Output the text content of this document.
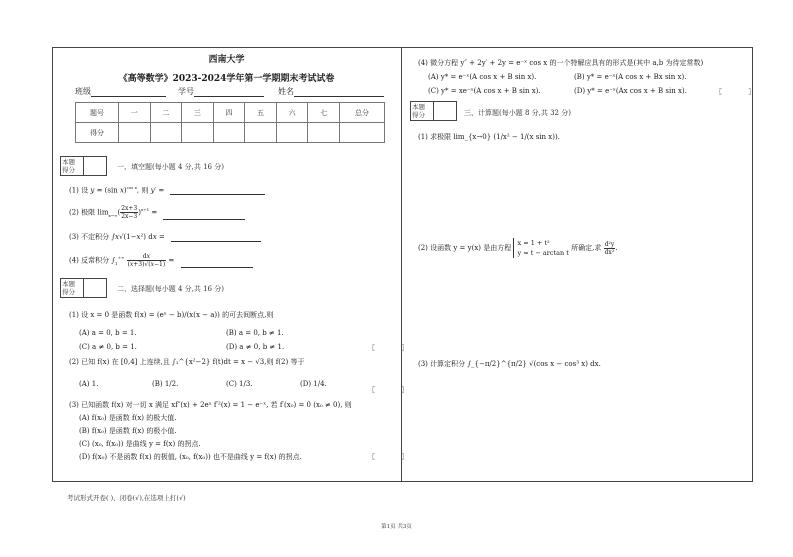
西南大学
《高等数学》2023-2024学年第一学期期末考试试卷
班级	学号	姓名
题号	一	二	三	四	五	六	七	总分
得分								
本题
得分	一、填空题(每小题 4 分,共 16 分)
(1) 设 y = (sin x)$^{cos x}$, 则 y′ =
(2) 极限 $\lim_{x\to\infty}( \frac{2x+3}{2x-3} )^{x+1}$ =
(3) 不定积分 ∫x√(1−x²) dx =
(4) 反常积分 $\int_1^{+\infty} \frac{dx}{(x+3)√(x-1)}$ =
本题
得分	二、选择题(每小题 4 分,共 16 分)
(1) 设 x = 0 是函数 f(x) = (eˣ − b)/(x(x − a)) 的可去间断点,则
(A) a = 0, b = 1.	(B) a = 0, b ≠ 1.
(C) a ≠ 0, b = 1.	(D) a ≠ 0, b ≠ 1.	〖 〗
(2) 已知 f(x) 在 [0,4] 上连续,且 ∫₁^{x²−2} f(t)dt = x − √3,则 f(2) 等于
(A) 1.	(B) 1/2.	(C) 1/3.	(D) 1/4.
〖 〗
(3) 已知函数 f(x) 对一切 x 满足 xf″(x) + 2eˣ f′²(x) = 1 − e⁻ˣ, 若 f′(x₀) = 0 (x₀ ≠ 0), 则
(A) f(x₀) 是函数 f(x) 的极大值.
(B) f(x₀) 是函数 f(x) 的极小值.
(C) (x₀, f(x₀)) 是曲线 y = f(x) 的拐点.
(D) f(x₀) 不是函数 f(x) 的极值, (x₀, f(x₀)) 也不是曲线 y = f(x) 的拐点.	〖 〗
(4) 微分方程 y″ + 2y′ + 2y = e⁻ˣ cos x 的一个特解应具有的形式是(其中 a,b 为待定常数)
(A) y* = e⁻ˣ(A cos x + B sin x).	(B) y* = e⁻ˣ(A cos x + Bx sin x).
(C) y* = xe⁻ˣ(A cos x + B sin x).	(D) y* = e⁻ˣ(Ax cos x + B sin x).	〖 〗
本题
得分	三、计算题(每小题 8 分,共 32 分)
(1) 求极限 lim_{x→0} (1/x² − 1/(x sin x)).
(2) 设函数 y = y(x) 是由方程 x = 1 + t²
y = t − arctan t 所确定,求 $\frac{\text{d²y}}{\text{dx²}}$ .
(3) 计算定积分 ∫_{−π/2}^{π/2} √(cos x − cos³ x) dx.
考试形式开卷( )、闭卷(√),在选项上打(√)
第1页 共3页
